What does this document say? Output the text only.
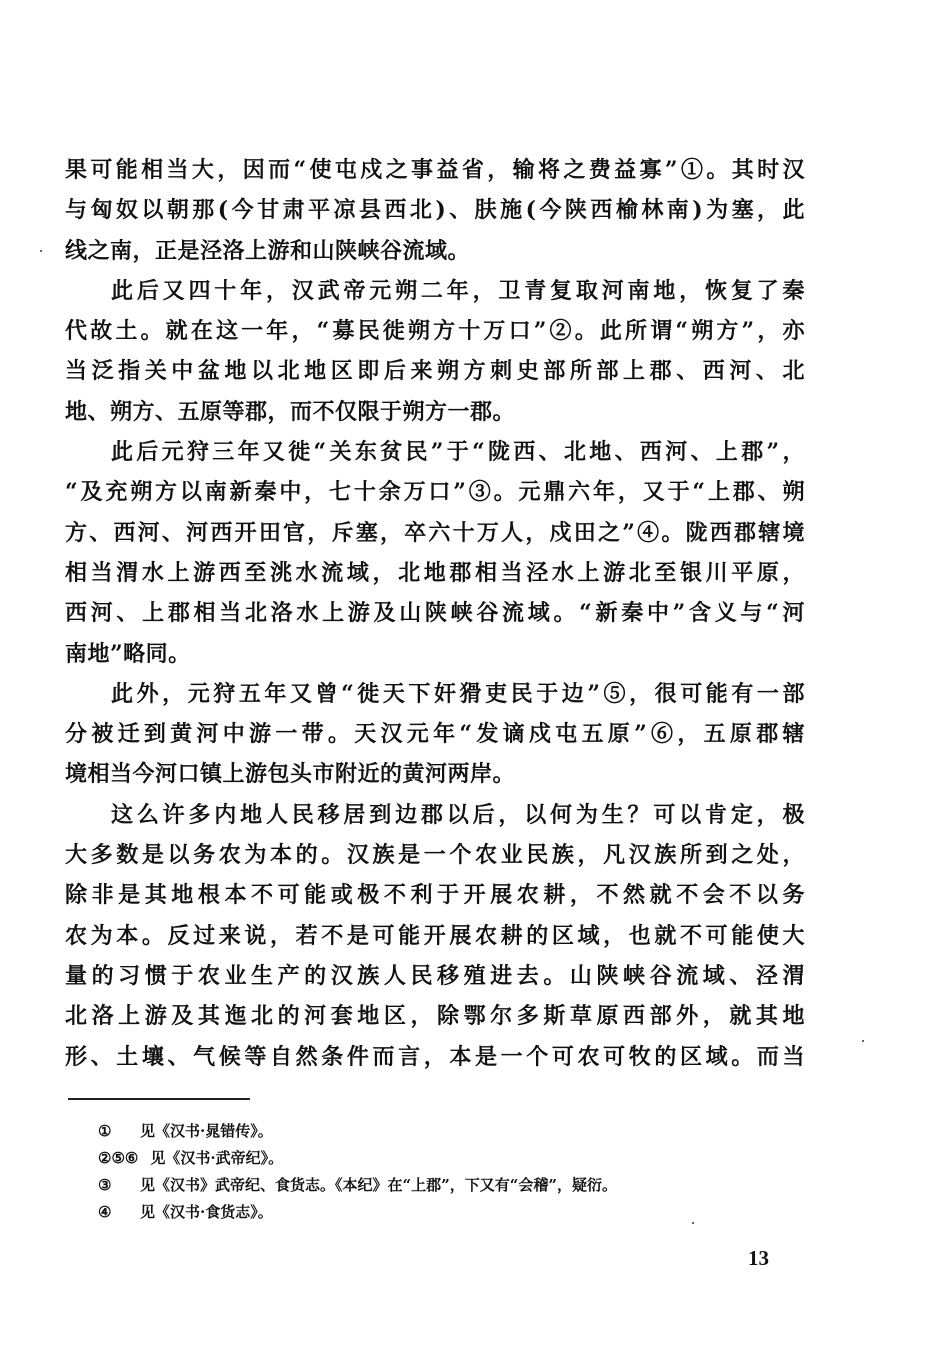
果可能相当大，因而“使屯戍之事益省，输将之费益寡”①。其时汉
与匈奴以朝那(今甘肃平凉县西北)、肤施(今陕西榆林南)为塞，此
线之南，正是泾洛上游和山陕峡谷流域。
此后又四十年，汉武帝元朔二年，卫青复取河南地，恢复了秦
代故土。就在这一年，“募民徙朔方十万口”②。此所谓“朔方”，亦
当泛指关中盆地以北地区即后来朔方刺史部所部上郡、西河、北
地、朔方、五原等郡，而不仅限于朔方一郡。
此后元狩三年又徙“关东贫民”于“陇西、北地、西河、上郡”，
“及充朔方以南新秦中，七十余万口”③。元鼎六年，又于“上郡、朔
方、西河、河西开田官，斥塞，卒六十万人，戍田之”④。陇西郡辖境
相当渭水上游西至洮水流域，北地郡相当泾水上游北至银川平原，
西河、上郡相当北洛水上游及山陕峡谷流域。“新秦中”含义与“河
南地”略同。
此外，元狩五年又曾“徙天下奸猾吏民于边”⑤，很可能有一部
分被迁到黄河中游一带。天汉元年“发谪戍屯五原”⑥，五原郡辖
境相当今河口镇上游包头市附近的黄河两岸。
这么许多内地人民移居到边郡以后，以何为生？可以肯定，极
大多数是以务农为本的。汉族是一个农业民族，凡汉族所到之处，
除非是其地根本不可能或极不利于开展农耕，不然就不会不以务
农为本。反过来说，若不是可能开展农耕的区域，也就不可能使大
量的习惯于农业生产的汉族人民移殖进去。山陕峡谷流域、泾渭
北洛上游及其迤北的河套地区，除鄂尔多斯草原西部外，就其地
形、土壤、气候等自然条件而言，本是一个可农可牧的区域。而当
① 见《汉书·晁错传》。
②⑤⑥ 见《汉书·武帝纪》。
③ 见《汉书》武帝纪、食货志。《本纪》在“上郡”，下又有“会稽”，疑衍。
④ 见《汉书·食货志》。
13
